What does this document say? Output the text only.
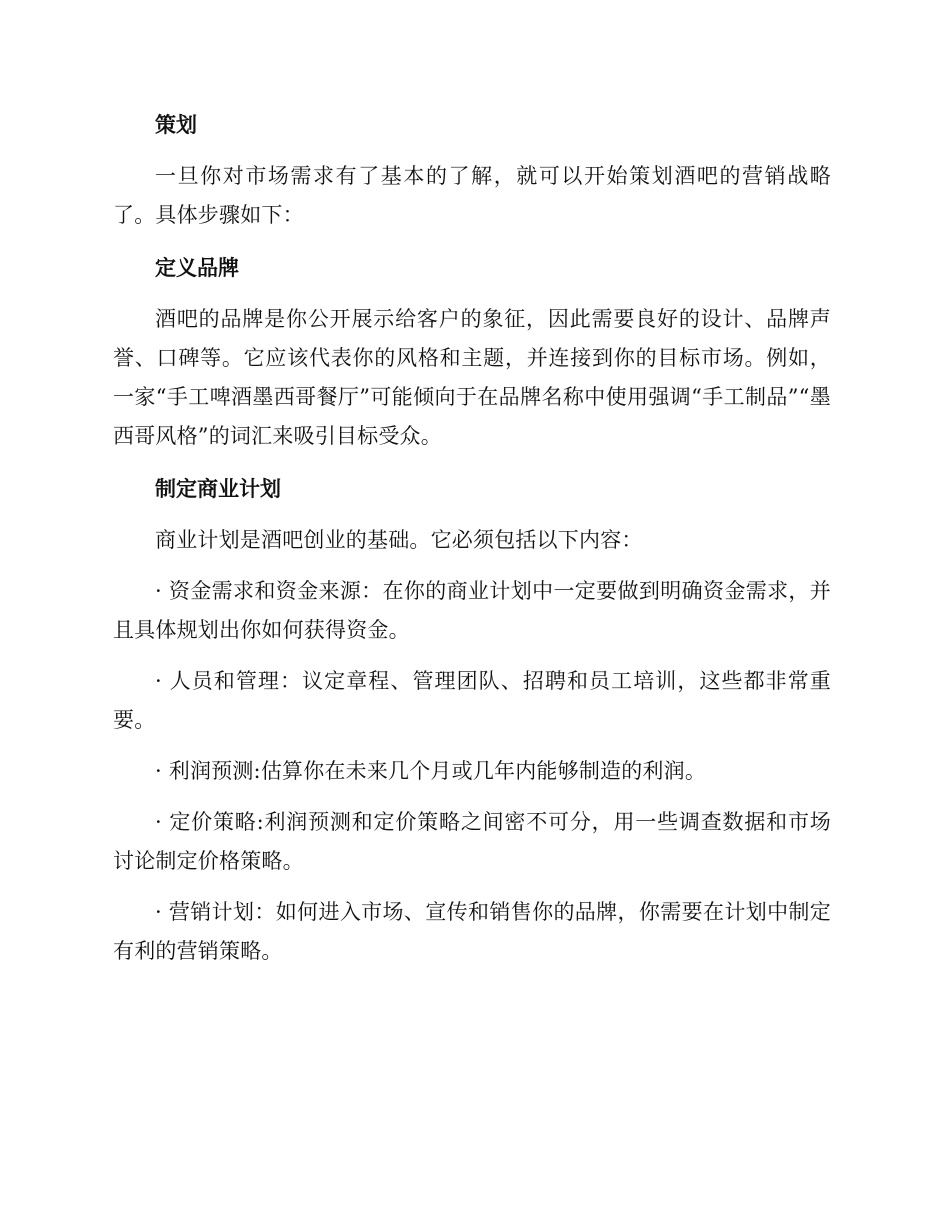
策划

一旦你对市场需求有了基本的了解，就可以开始策划酒吧的营销战略了。具体步骤如下：

定义品牌

酒吧的品牌是你公开展示给客户的象征，因此需要良好的设计、品牌声誉、口碑等。它应该代表你的风格和主题，并连接到你的目标市场。例如，一家“手工啤酒墨西哥餐厅”可能倾向于在品牌名称中使用强调“手工制品”“墨西哥风格”的词汇来吸引目标受众。

制定商业计划

商业计划是酒吧创业的基础。它必须包括以下内容：

· 资金需求和资金来源：在你的商业计划中一定要做到明确资金需求，并且具体规划出你如何获得资金。

· 人员和管理：议定章程、管理团队、招聘和员工培训，这些都非常重要。

· 利润预测:估算你在未来几个月或几年内能够制造的利润。

· 定价策略:利润预测和定价策略之间密不可分，用一些调查数据和市场讨论制定价格策略。

· 营销计划：如何进入市场、宣传和销售你的品牌，你需要在计划中制定有利的营销策略。
